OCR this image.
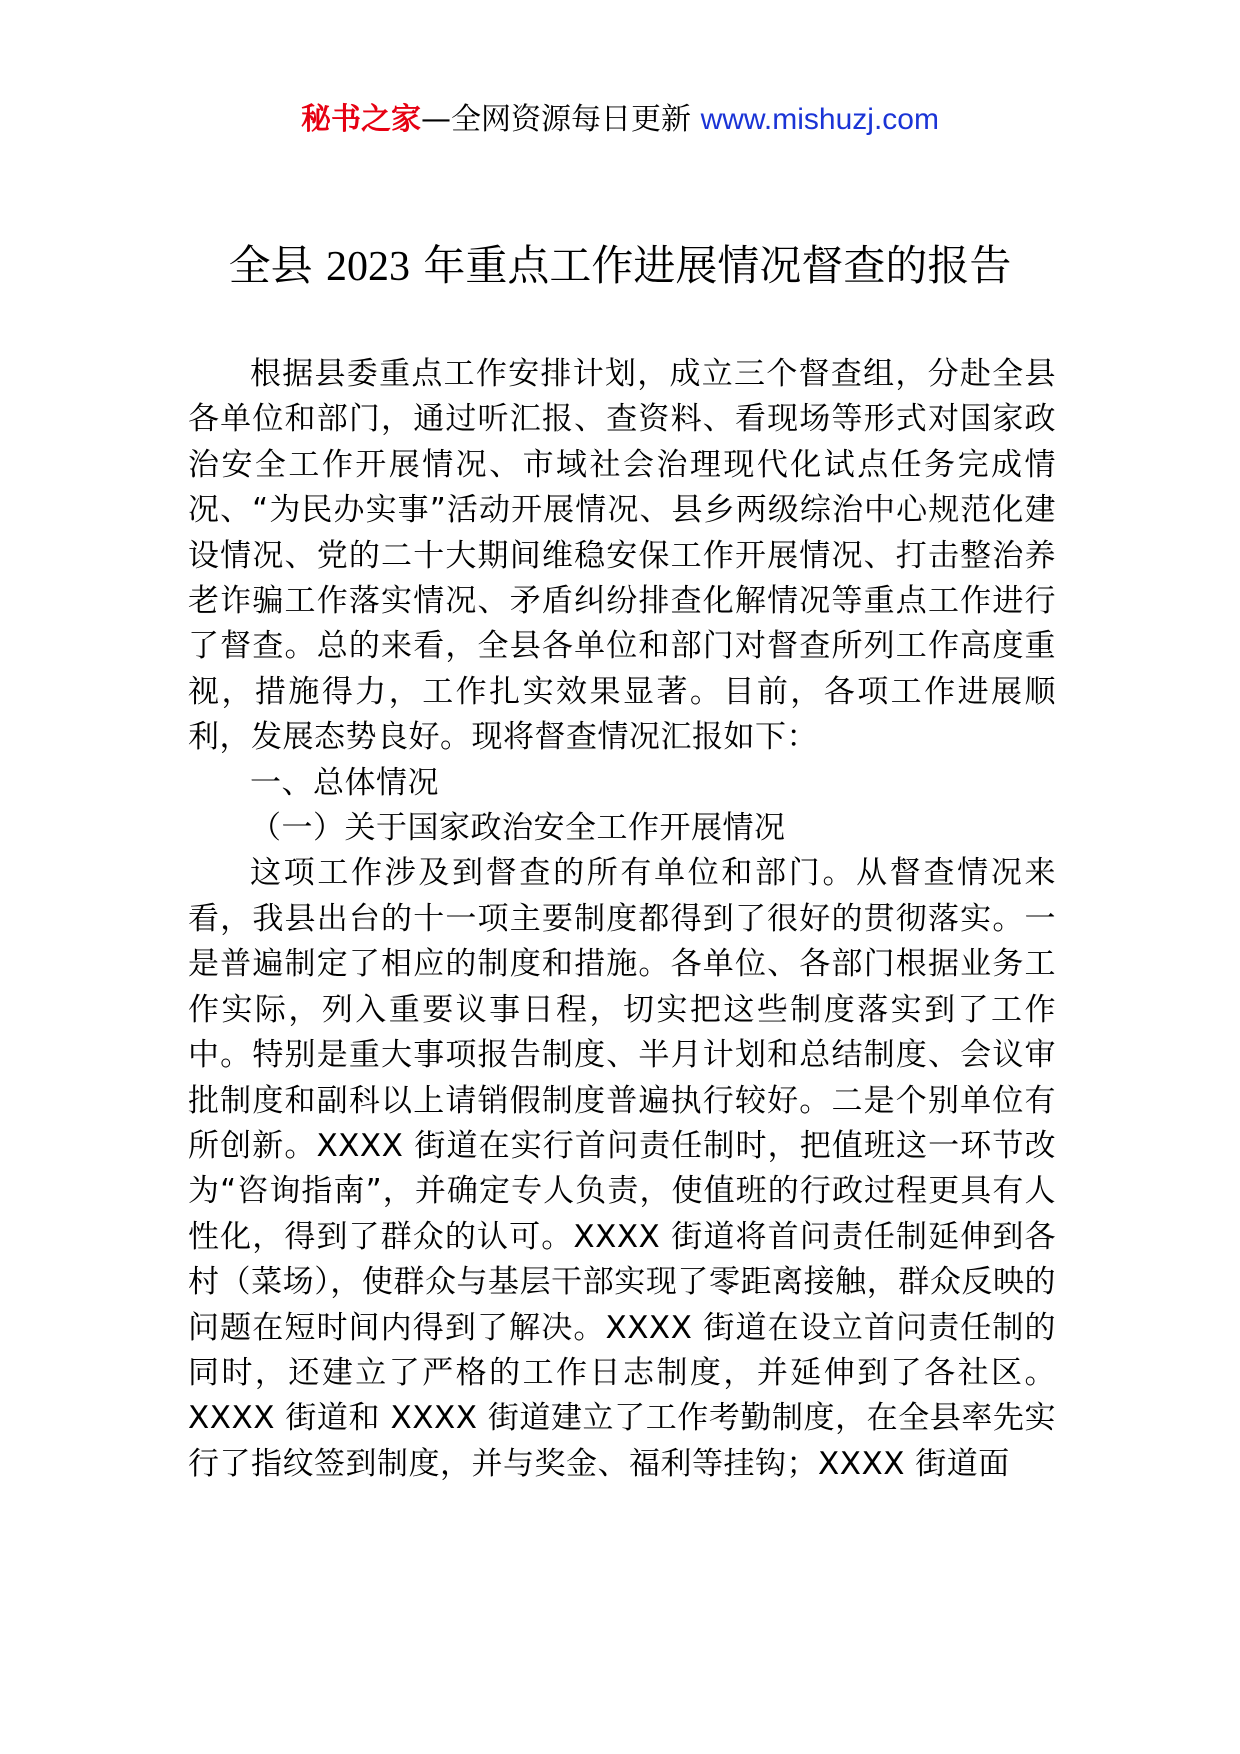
秘书之家—全网资源每日更新 www.mishuzj.com
全县 2023 年重点工作进展情况督查的报告

根据县委重点工作安排计划，成立三个督查组，分赴全县各单位和部门，通过听汇报、查资料、看现场等形式对国家政治安全工作开展情况、市域社会治理现代化试点任务完成情况、“为民办实事”活动开展情况、县乡两级综治中心规范化建设情况、党的二十大期间维稳安保工作开展情况、打击整治养老诈骗工作落实情况、矛盾纠纷排查化解情况等重点工作进行了督查。总的来看，全县各单位和部门对督查所列工作高度重视，措施得力，工作扎实效果显著。目前，各项工作进展顺利，发展态势良好。现将督查情况汇报如下：

一、总体情况

（一）关于国家政治安全工作开展情况

这项工作涉及到督查的所有单位和部门。从督查情况来看，我县出台的十一项主要制度都得到了很好的贯彻落实。一是普遍制定了相应的制度和措施。各单位、各部门根据业务工作实际，列入重要议事日程，切实把这些制度落实到了工作中。特别是重大事项报告制度、半月计划和总结制度、会议审批制度和副科以上请销假制度普遍执行较好。二是个别单位有所创新。XXXX 街道在实行首问责任制时，把值班这一环节改为“咨询指南”，并确定专人负责，使值班的行政过程更具有人性化，得到了群众的认可。XXXX 街道将首问责任制延伸到各村（菜场），使群众与基层干部实现了零距离接触，群众反映的问题在短时间内得到了解决。XXXX 街道在设立首问责任制的同时，还建立了严格的工作日志制度，并延伸到了各社区。XXXX 街道和 XXXX 街道建立了工作考勤制度，在全县率先实行了指纹签到制度，并与奖金、福利等挂钩；XXXX 街道面
